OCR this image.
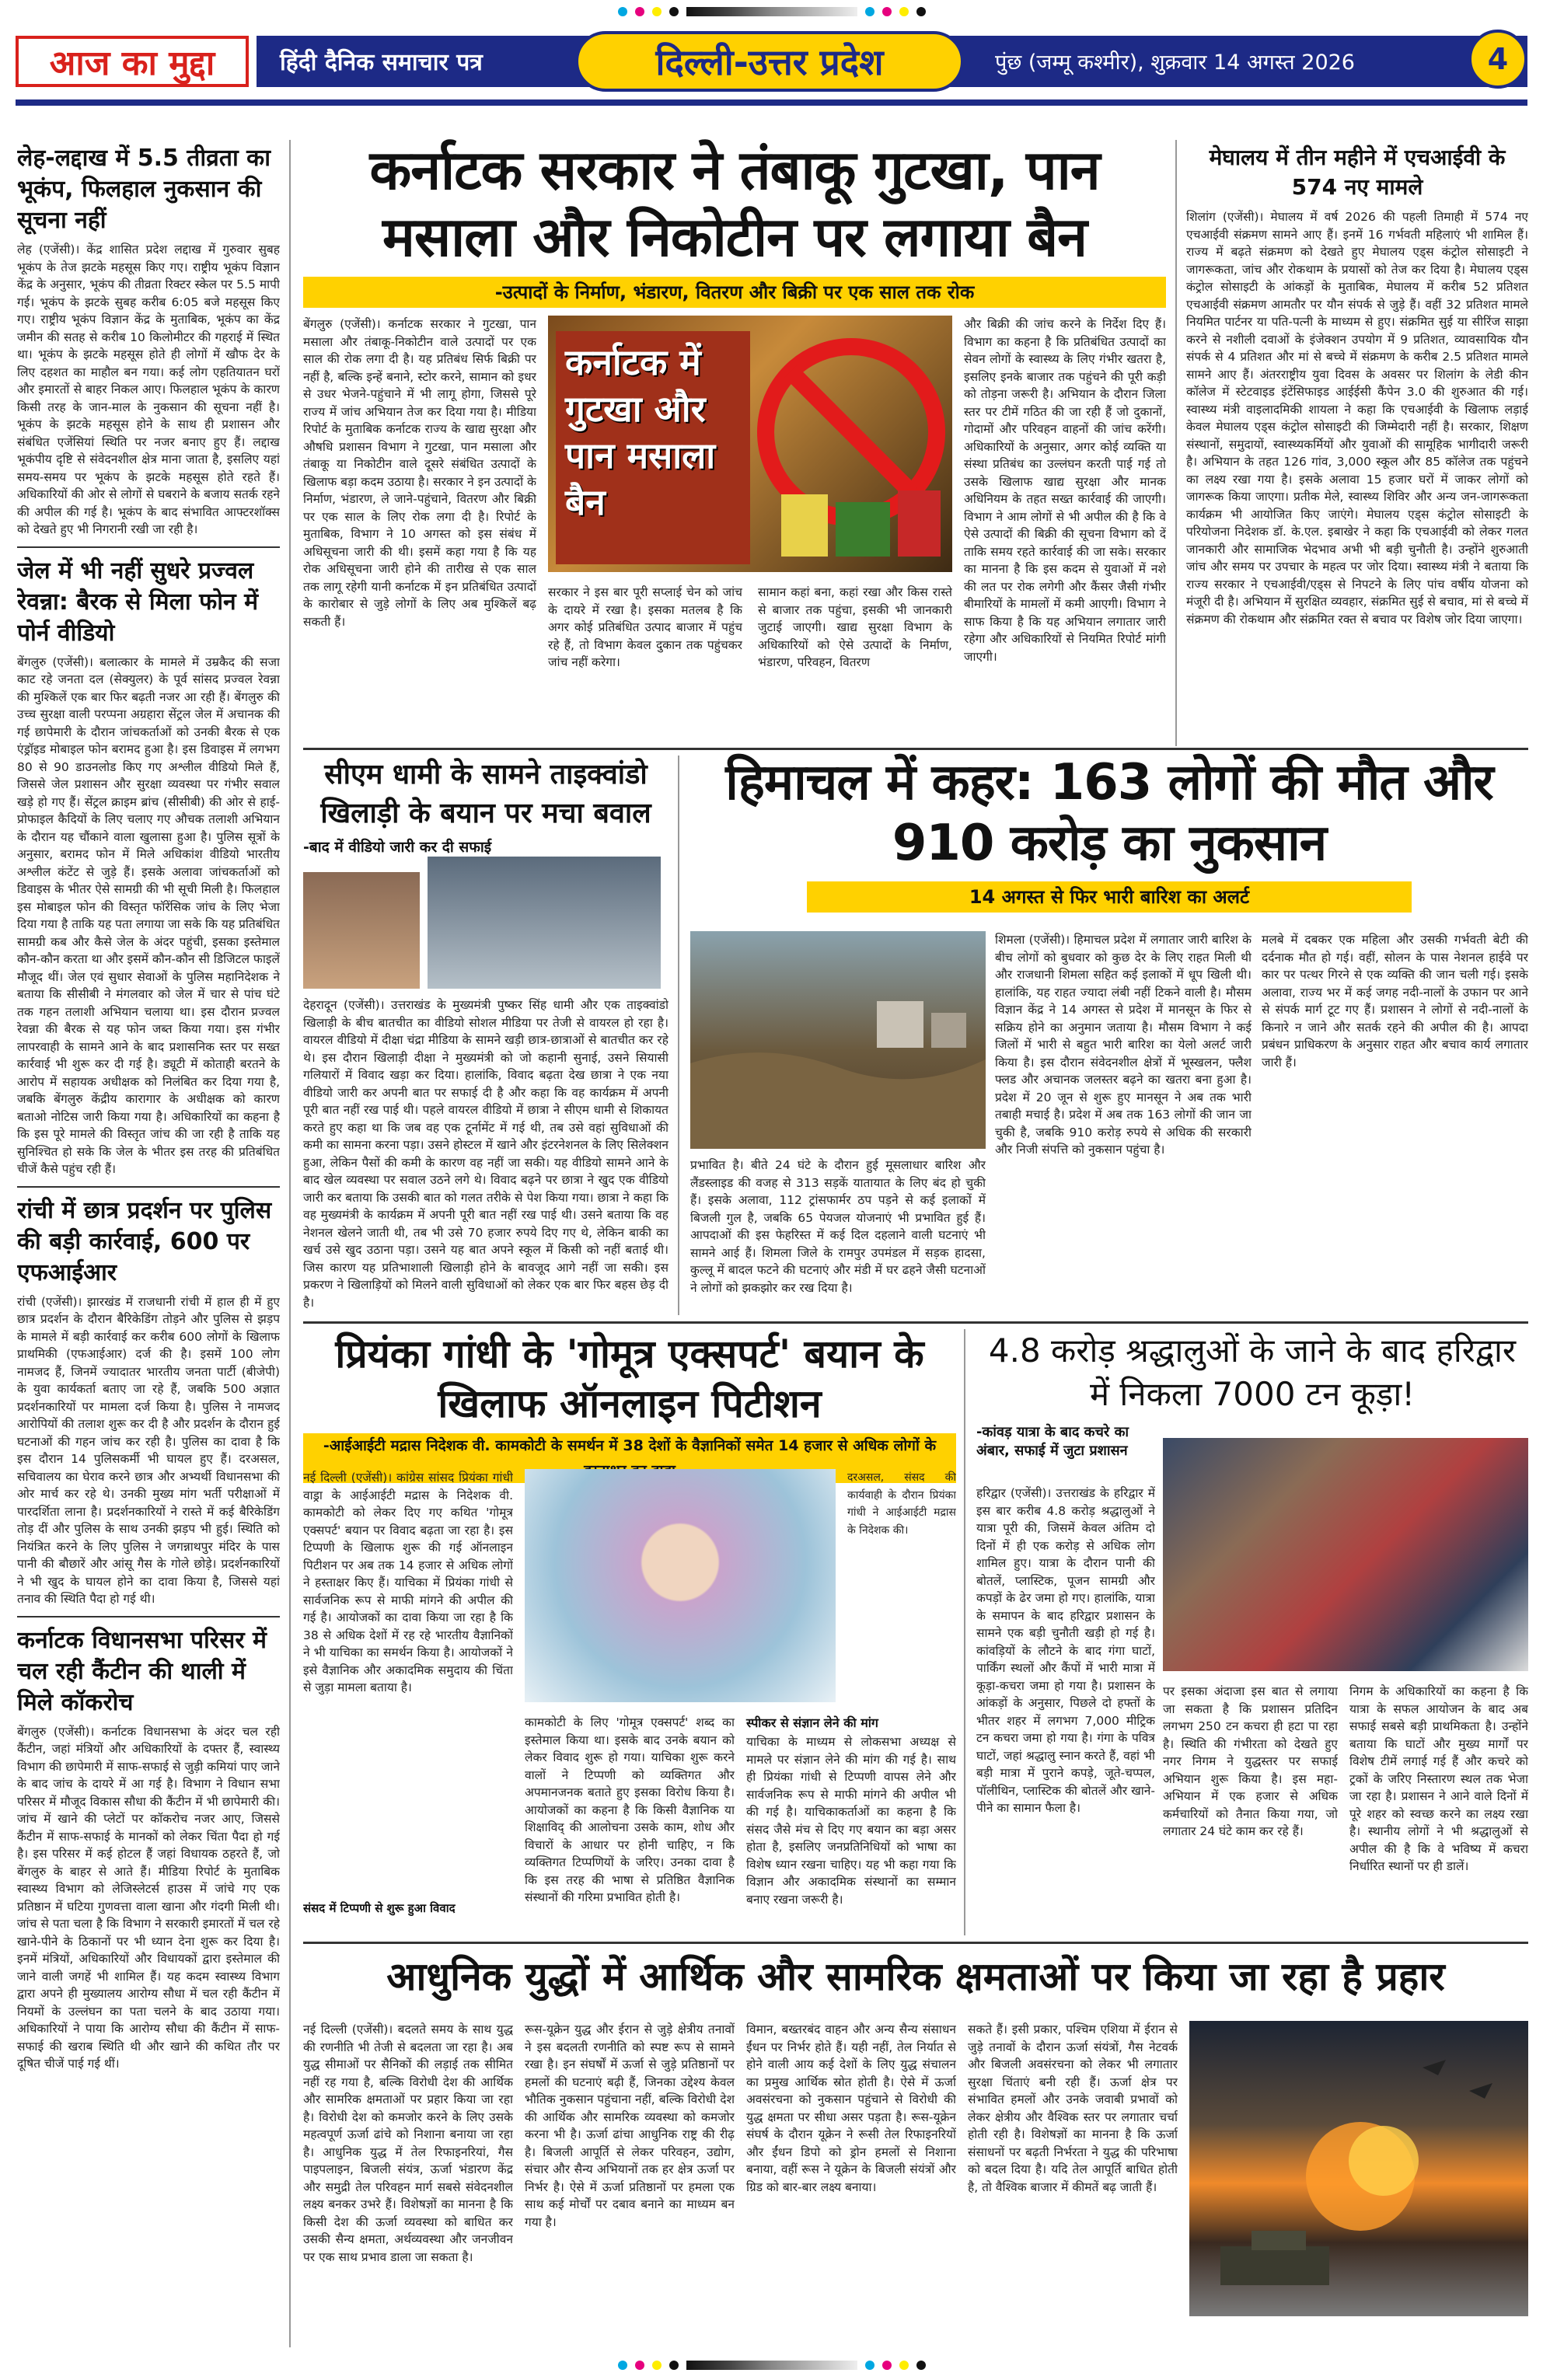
आज का मुद्दा	हिंदी दैनिक समाचार पत्र	दिल्ली-उत्तर प्रदेश	पुंछ (जम्मू कश्मीर), शुक्रवार 14 अगस्त 2026	4
लेह-लद्दाख में 5.5 तीव्रता का भूकंप, फिलहाल नुकसान की सूचना नहीं
लेह (एजेंसी)। केंद्र शासित प्रदेश लद्दाख में गुरुवार सुबह भूकंप के तेज झटके महसूस किए गए। राष्ट्रीय भूकंप विज्ञान केंद्र के अनुसार, भूकंप की तीव्रता रिक्टर स्केल पर 5.5 मापी गई। भूकंप के झटके सुबह करीब 6:05 बजे महसूस किए गए। राष्ट्रीय भूकंप विज्ञान केंद्र के मुताबिक, भूकंप का केंद्र जमीन की सतह से करीब 10 किलोमीटर की गहराई में स्थित था। भूकंप के झटके महसूस होते ही लोगों में खौफ देर के लिए दहशत का माहौल बन गया। कई लोग एहतियातन घरों और इमारतों से बाहर निकल आए। फिलहाल भूकंप के कारण किसी तरह के जान-माल के नुकसान की सूचना नहीं है। भूकंप के झटके महसूस होने के साथ ही प्रशासन और संबंधित एजेंसियां स्थिति पर नजर बनाए हुए हैं। लद्दाख भूकंपीय दृष्टि से संवेदनशील क्षेत्र माना जाता है, इसलिए यहां समय-समय पर भूकंप के झटके महसूस होते रहते हैं। अधिकारियों की ओर से लोगों से घबराने के बजाय सतर्क रहने की अपील की गई है। भूकंप के बाद संभावित आफ्टरशॉक्स को देखते हुए भी निगरानी रखी जा रही है।
जेल में भी नहीं सुधरे प्रज्वल रेवन्ना: बैरक से मिला फोन में पोर्न वीडियो
बेंगलुरु (एजेंसी)। बलात्कार के मामले में उम्रकैद की सजा काट रहे जनता दल (सेक्युलर) के पूर्व सांसद प्रज्वल रेवन्ना की मुश्किलें एक बार फिर बढ़ती नजर आ रही हैं। बेंगलुरु की उच्च सुरक्षा वाली परप्पना अग्रहारा सेंट्रल जेल में अचानक की गई छापेमारी के दौरान जांचकर्ताओं को उनकी बैरक से एक एंड्रॉइड मोबाइल फोन बरामद हुआ है। इस डिवाइस में लगभग 80 से 90 डाउनलोड किए गए अश्लील वीडियो मिले हैं, जिससे जेल प्रशासन और सुरक्षा व्यवस्था पर गंभीर सवाल खड़े हो गए हैं। सेंट्रल क्राइम ब्रांच (सीसीबी) की ओर से हाई-प्रोफाइल कैदियों के लिए चलाए गए औचक तलाशी अभियान के दौरान यह चौंकाने वाला खुलासा हुआ है। पुलिस सूत्रों के अनुसार, बरामद फोन में मिले अधिकांश वीडियो भारतीय अश्लील कंटेंट से जुड़े हैं। इसके अलावा जांचकर्ताओं को डिवाइस के भीतर ऐसे सामग्री की भी सूची मिली है। फिलहाल इस मोबाइल फोन की विस्तृत फॉरेंसिक जांच के लिए भेजा दिया गया है ताकि यह पता लगाया जा सके कि यह प्रतिबंधित सामग्री कब और कैसे जेल के अंदर पहुंची, इसका इस्तेमाल कौन-कौन करता था और इसमें कौन-कौन सी डिजिटल फाइलें मौजूद थीं। जेल एवं सुधार सेवाओं के पुलिस महानिदेशक ने बताया कि सीसीबी ने मंगलवार को जेल में चार से पांच घंटे तक गहन तलाशी अभियान चलाया था। इस दौरान प्रज्वल रेवन्ना की बैरक से यह फोन जब्त किया गया। इस गंभीर लापरवाही के सामने आने के बाद प्रशासनिक स्तर पर सख्त कार्रवाई भी शुरू कर दी गई है। ड्यूटी में कोताही बरतने के आरोप में सहायक अधीक्षक को निलंबित कर दिया गया है, जबकि बेंगलुरु केंद्रीय कारागार के अधीक्षक को कारण बताओ नोटिस जारी किया गया है। अधिकारियों का कहना है कि इस पूरे मामले की विस्तृत जांच की जा रही है ताकि यह सुनिश्चित हो सके कि जेल के भीतर इस तरह की प्रतिबंधित चीजें कैसे पहुंच रही हैं।
रांची में छात्र प्रदर्शन पर पुलिस की बड़ी कार्रवाई, 600 पर एफआईआर
रांची (एजेंसी)। झारखंड में राजधानी रांची में हाल ही में हुए छात्र प्रदर्शन के दौरान बैरिकेडिंग तोड़ने और पुलिस से झड़प के मामले में बड़ी कार्रवाई कर करीब 600 लोगों के खिलाफ प्राथमिकी (एफआईआर) दर्ज की है। इसमें 100 लोग नामजद हैं, जिनमें ज्यादातर भारतीय जनता पार्टी (बीजेपी) के युवा कार्यकर्ता बताए जा रहे हैं, जबकि 500 अज्ञात प्रदर्शनकारियों पर मामला दर्ज किया है। पुलिस ने नामजद आरोपियों की तलाश शुरू कर दी है और प्रदर्शन के दौरान हुई घटनाओं की गहन जांच कर रही है। पुलिस का दावा है कि इस दौरान 14 पुलिसकर्मी भी घायल हुए हैं। दरअसल, सचिवालय का घेराव करने छात्र और अभ्यर्थी विधानसभा की ओर मार्च कर रहे थे। उनकी मुख्य मांग भर्ती परीक्षाओं में पारदर्शिता लाना है। प्रदर्शनकारियों ने रास्ते में कई बैरिकेडिंग तोड़ दीं और पुलिस के साथ उनकी झड़प भी हुई। स्थिति को नियंत्रित करने के लिए पुलिस ने जगन्नाथपुर मंदिर के पास पानी की बौछारें और आंसू गैस के गोले छोड़े। प्रदर्शनकारियों ने भी खुद के घायल होने का दावा किया है, जिससे यहां तनाव की स्थिति पैदा हो गई थी।
कर्नाटक विधानसभा परिसर में चल रही कैंटीन की थाली में मिले कॉकरोच
बेंगलुरु (एजेंसी)। कर्नाटक विधानसभा के अंदर चल रही कैंटीन, जहां मंत्रियों और अधिकारियों के दफ्तर हैं, स्वास्थ्य विभाग की छापेमारी में साफ-सफाई से जुड़ी कमियां पाए जाने के बाद जांच के दायरे में आ गई है। विभाग ने विधान सभा परिसर में मौजूद विकास सौधा की कैंटीन में भी छापेमारी की। जांच में खाने की प्लेटों पर कॉकरोच नजर आए, जिससे कैंटीन में साफ-सफाई के मानकों को लेकर चिंता पैदा हो गई है। इस परिसर में कई होटल हैं जहां विधायक ठहरते हैं, जो बेंगलुरु के बाहर से आते हैं। मीडिया रिपोर्ट के मुताबिक स्वास्थ्य विभाग को लेजिस्लेटर्स हाउस में जांचे गए एक प्रतिष्ठान में घटिया गुणवत्ता वाला खाना और गंदगी मिली थी। जांच से पता चला है कि विभाग ने सरकारी इमारतों में चल रहे खाने-पीने के ठिकानों पर भी ध्यान देना शुरू कर दिया है। इनमें मंत्रियों, अधिकारियों और विधायकों द्वारा इस्तेमाल की जाने वाली जगहें भी शामिल हैं। यह कदम स्वास्थ्य विभाग द्वारा अपने ही मुख्यालय आरोग्य सौधा में चल रही कैंटीन में नियमों के उल्लंघन का पता चलने के बाद उठाया गया। अधिकारियों ने पाया कि आरोग्य सौधा की कैंटीन में साफ-सफाई की खराब स्थिति थी और खाने की कथित तौर पर दूषित चीजें पाई गई थीं।
कर्नाटक सरकार ने तंबाकू गुटखा, पान मसाला और निकोटीन पर लगाया बैन
-उत्पादों के निर्माण, भंडारण, वितरण और बिक्री पर एक साल तक रोक
बेंगलुरु (एजेंसी)। कर्नाटक सरकार ने गुटखा, पान मसाला और तंबाकू-निकोटीन वाले उत्पादों पर एक साल की रोक लगा दी है। यह प्रतिबंध सिर्फ बिक्री पर नहीं है, बल्कि इन्हें बनाने, स्टोर करने, सामान को इधर से उधर भेजने-पहुंचाने में भी लागू होगा, जिससे पूरे राज्य में जांच अभियान तेज कर दिया गया है। मीडिया रिपोर्ट के मुताबिक कर्नाटक राज्य के खाद्य सुरक्षा और औषधि प्रशासन विभाग ने गुटखा, पान मसाला और तंबाकू या निकोटीन वाले दूसरे संबंधित उत्पादों के खिलाफ बड़ा कदम उठाया है। सरकार ने इन उत्पादों के निर्माण, भंडारण, ले जाने-पहुंचाने, वितरण और बिक्री पर एक साल के लिए रोक लगा दी है। रिपोर्ट के मुताबिक, विभाग ने 10 अगस्त को इस संबंध में अधिसूचना जारी की थी। इसमें कहा गया है कि यह रोक अधिसूचना जारी होने की तारीख से एक साल तक लागू रहेगी यानी कर्नाटक में इन प्रतिबंधित उत्पादों के कारोबार से जुड़े लोगों के लिए अब मुश्किलें बढ़ सकती हैं।
कर्नाटक में गुटखा और पान मसाला बैन
सरकार ने इस बार पूरी सप्लाई चेन को जांच के दायरे में रखा है। इसका मतलब है कि अगर कोई प्रतिबंधित उत्पाद बाजार में पहुंच रहे हैं, तो विभाग केवल दुकान तक पहुंचकर जांच नहीं करेगा।
सामान कहां बना, कहां रखा और किस रास्ते से बाजार तक पहुंचा, इसकी भी जानकारी जुटाई जाएगी। खाद्य सुरक्षा विभाग के अधिकारियों को ऐसे उत्पादों के निर्माण, भंडारण, परिवहन, वितरण
और बिक्री की जांच करने के निर्देश दिए हैं। विभाग का कहना है कि प्रतिबंधित उत्पादों का सेवन लोगों के स्वास्थ्य के लिए गंभीर खतरा है, इसलिए इनके बाजार तक पहुंचने की पूरी कड़ी को तोड़ना जरूरी है। अभियान के दौरान जिला स्तर पर टीमें गठित की जा रही हैं जो दुकानों, गोदामों और परिवहन वाहनों की जांच करेंगी। अधिकारियों के अनुसार, अगर कोई व्यक्ति या संस्था प्रतिबंध का उल्लंघन करती पाई गई तो उसके खिलाफ खाद्य सुरक्षा और मानक अधिनियम के तहत सख्त कार्रवाई की जाएगी। विभाग ने आम लोगों से भी अपील की है कि वे ऐसे उत्पादों की बिक्री की सूचना विभाग को दें ताकि समय रहते कार्रवाई की जा सके। सरकार का मानना है कि इस कदम से युवाओं में नशे की लत पर रोक लगेगी और कैंसर जैसी गंभीर बीमारियों के मामलों में कमी आएगी। विभाग ने साफ किया है कि यह अभियान लगातार जारी रहेगा और अधिकारियों से नियमित रिपोर्ट मांगी जाएगी।
मेघालय में तीन महीने में एचआईवी के 574 नए मामले
शिलांग (एजेंसी)। मेघालय में वर्ष 2026 की पहली तिमाही में 574 नए एचआईवी संक्रमण सामने आए हैं। इनमें 16 गर्भवती महिलाएं भी शामिल हैं। राज्य में बढ़ते संक्रमण को देखते हुए मेघालय एड्स कंट्रोल सोसाइटी ने जागरूकता, जांच और रोकथाम के प्रयासों को तेज कर दिया है। मेघालय एड्स कंट्रोल सोसाइटी के आंकड़ों के मुताबिक, मेघालय में करीब 52 प्रतिशत एचआईवी संक्रमण आमतौर पर यौन संपर्क से जुड़े हैं। वहीं 32 प्रतिशत मामले नियमित पार्टनर या पति-पत्नी के माध्यम से हुए। संक्रमित सुई या सीरिंज साझा करने से नशीली दवाओं के इंजेक्शन उपयोग में 9 प्रतिशत, व्यावसायिक यौन संपर्क से 4 प्रतिशत और मां से बच्चे में संक्रमण के करीब 2.5 प्रतिशत मामले सामने आए हैं। अंतरराष्ट्रीय युवा दिवस के अवसर पर शिलांग के लेडी कीन कॉलेज में स्टेटवाइड इंटेंसिफाइड आईईसी कैंपेन 3.0 की शुरुआत की गई। स्वास्थ्य मंत्री वाइलादमिकी शायला ने कहा कि एचआईवी के खिलाफ लड़ाई केवल मेघालय एड्स कंट्रोल सोसाइटी की जिम्मेदारी नहीं है। सरकार, शिक्षण संस्थानों, समुदायों, स्वास्थ्यकर्मियों और युवाओं की सामूहिक भागीदारी जरूरी है। अभियान के तहत 126 गांव, 3,000 स्कूल और 85 कॉलेज तक पहुंचने का लक्ष्य रखा गया है। इसके अलावा 15 हजार घरों में जाकर लोगों को जागरूक किया जाएगा। प्रतीक मेले, स्वास्थ्य शिविर और अन्य जन-जागरूकता कार्यक्रम भी आयोजित किए जाएंगे। मेघालय एड्स कंट्रोल सोसाइटी के परियोजना निदेशक डॉ. के.एल. इबाखेर ने कहा कि एचआईवी को लेकर गलत जानकारी और सामाजिक भेदभाव अभी भी बड़ी चुनौती है। उन्होंने शुरुआती जांच और समय पर उपचार के महत्व पर जोर दिया। स्वास्थ्य मंत्री ने बताया कि राज्य सरकार ने एचआईवी/एड्स से निपटने के लिए पांच वर्षीय योजना को मंजूरी दी है। अभियान में सुरक्षित व्यवहार, संक्रमित सुई से बचाव, मां से बच्चे में संक्रमण की रोकथाम और संक्रमित रक्त से बचाव पर विशेष जोर दिया जाएगा।
सीएम धामी के सामने ताइक्वांडो खिलाड़ी के बयान पर मचा बवाल
-बाद में वीडियो जारी कर दी सफाई
देहरादून (एजेंसी)। उत्तराखंड के मुख्यमंत्री पुष्कर सिंह धामी और एक ताइक्वांडो खिलाड़ी के बीच बातचीत का वीडियो सोशल मीडिया पर तेजी से वायरल हो रहा है। वायरल वीडियो में दीक्षा चंद्रा मीडिया के सामने खड़ी छात्र-छात्राओं से बातचीत कर रहे थे। इस दौरान खिलाड़ी दीक्षा ने मुख्यमंत्री को जो कहानी सुनाई, उसने सियासी गलियारों में विवाद खड़ा कर दिया। हालांकि, विवाद बढ़ता देख छात्रा ने एक नया वीडियो जारी कर अपनी बात पर सफाई दी है और कहा कि वह कार्यक्रम में अपनी पूरी बात नहीं रख पाई थी। पहले वायरल वीडियो में छात्रा ने सीएम धामी से शिकायत करते हुए कहा था कि जब वह एक टूर्नामेंट में गई थी, तब उसे वहां सुविधाओं की कमी का सामना करना पड़ा। उसने होस्टल में खाने और इंटरनेशनल के लिए सिलेक्शन हुआ, लेकिन पैसों की कमी के कारण वह नहीं जा सकी। यह वीडियो सामने आने के बाद खेल व्यवस्था पर सवाल उठने लगे थे। विवाद बढ़ने पर छात्रा ने खुद एक वीडियो जारी कर बताया कि उसकी बात को गलत तरीके से पेश किया गया। छात्रा ने कहा कि वह मुख्यमंत्री के कार्यक्रम में अपनी पूरी बात नहीं रख पाई थी। उसने बताया कि वह नेशनल खेलने जाती थी, तब भी उसे 70 हजार रुपये दिए गए थे, लेकिन बाकी का खर्च उसे खुद उठाना पड़ा। उसने यह बात अपने स्कूल में किसी को नहीं बताई थी। जिस कारण यह प्रतिभाशाली खिलाड़ी होने के बावजूद आगे नहीं जा सकी। इस प्रकरण ने खिलाड़ियों को मिलने वाली सुविधाओं को लेकर एक बार फिर बहस छेड़ दी है।
हिमाचल में कहर: 163 लोगों की मौत और 910 करोड़ का नुकसान
14 अगस्त से फिर भारी बारिश का अलर्ट
शिमला (एजेंसी)। हिमाचल प्रदेश में लगातार जारी बारिश के बीच लोगों को बुधवार को कुछ देर के लिए राहत मिली थी और राजधानी शिमला सहित कई इलाकों में धूप खिली थी। हालांकि, यह राहत ज्यादा लंबी नहीं टिकने वाली है। मौसम विज्ञान केंद्र ने 14 अगस्त से प्रदेश में मानसून के फिर से सक्रिय होने का अनुमान जताया है। मौसम विभाग ने कई जिलों में भारी से बहुत भारी बारिश का येलो अलर्ट जारी किया है। इस दौरान संवेदनशील क्षेत्रों में भूस्खलन, फ्लैश फ्लड और अचानक जलस्तर बढ़ने का खतरा बना हुआ है। प्रदेश में 20 जून से शुरू हुए मानसून ने अब तक भारी तबाही मचाई है। प्रदेश में अब तक 163 लोगों की जान जा चुकी है, जबकि 910 करोड़ रुपये से अधिक की सरकारी और निजी संपत्ति को नुकसान पहुंचा है।
प्रभावित है। बीते 24 घंटे के दौरान हुई मूसलाधार बारिश और लैंडस्लाइड की वजह से 313 सड़कें यातायात के लिए बंद हो चुकी हैं। इसके अलावा, 112 ट्रांसफार्मर ठप पड़ने से कई इलाकों में बिजली गुल है, जबकि 65 पेयजल योजनाएं भी प्रभावित हुई हैं। आपदाओं की इस फेहरिस्त में कई दिल दहलाने वाली घटनाएं भी सामने आई हैं। शिमला जिले के रामपुर उपमंडल में सड़क हादसा, कुल्लू में बादल फटने की घटनाएं और मंडी में घर ढहने जैसी घटनाओं ने लोगों को झकझोर कर रख दिया है।
मलबे में दबकर एक महिला और उसकी गर्भवती बेटी की दर्दनाक मौत हो गई। वहीं, सोलन के पास नेशनल हाईवे पर कार पर पत्थर गिरने से एक व्यक्ति की जान चली गई। इसके अलावा, राज्य भर में कई जगह नदी-नालों के उफान पर आने से संपर्क मार्ग टूट गए हैं। प्रशासन ने लोगों से नदी-नालों के किनारे न जाने और सतर्क रहने की अपील की है। आपदा प्रबंधन प्राधिकरण के अनुसार राहत और बचाव कार्य लगातार जारी हैं।
प्रियंका गांधी के 'गोमूत्र एक्सपर्ट' बयान के खिलाफ ऑनलाइन पिटीशन
-आईआईटी मद्रास निदेशक वी. कामकोटी के समर्थन में 38 देशों के वैज्ञानिकों समेत 14 हजार से अधिक लोगों के
नई दिल्ली (एजेंसी)। कांग्रेस सांसद प्रियंका गांधी वाड्रा के आईआईटी मद्रास के निदेशक वी. कामकोटी को लेकर दिए गए कथित 'गोमूत्र एक्सपर्ट' बयान पर विवाद बढ़ता जा रहा है। इस टिप्पणी के खिलाफ शुरू की गई ऑनलाइन पिटीशन पर अब तक 14 हजार से अधिक लोगों ने हस्ताक्षर किए हैं। याचिका में प्रियंका गांधी से सार्वजनिक रूप से माफी मांगने की अपील की गई है। आयोजकों का दावा किया जा रहा है कि 38 से अधिक देशों में रह रहे भारतीय वैज्ञानिकों ने भी याचिका का समर्थन किया है। आयोजकों ने इसे वैज्ञानिक और अकादमिक समुदाय की चिंता से जुड़ा मामला बताया है।
कामकोटी के लिए 'गोमूत्र एक्सपर्ट' शब्द का इस्तेमाल किया था। इसके बाद उनके बयान को लेकर विवाद शुरू हो गया। याचिका शुरू करने वालों ने टिप्पणी को व्यक्तिगत और अपमानजनक बताते हुए इसका विरोध किया है। आयोजकों का कहना है कि किसी वैज्ञानिक या शिक्षाविद् की आलोचना उसके काम, शोध और विचारों के आधार पर होनी चाहिए, न कि व्यक्तिगत टिप्पणियों के जरिए। उनका दावा है कि इस तरह की भाषा से प्रतिष्ठित वैज्ञानिक संस्थानों की गरिमा प्रभावित होती है।
स्पीकर से संज्ञान लेने की मांग
याचिका के माध्यम से लोकसभा अध्यक्ष से मामले पर संज्ञान लेने की मांग की गई है। साथ ही प्रियंका गांधी से टिप्पणी वापस लेने और सार्वजनिक रूप से माफी मांगने की अपील भी की गई है। याचिकाकर्ताओं का कहना है कि संसद जैसे मंच से दिए गए बयान का बड़ा असर होता है, इसलिए जनप्रतिनिधियों को भाषा का विशेष ध्यान रखना चाहिए। यह भी कहा गया कि विज्ञान और अकादमिक संस्थानों का सम्मान बनाए रखना जरूरी है।
दरअसल, संसद की कार्यवाही के दौरान प्रियंका गांधी ने आईआईटी मद्रास के निदेशक की।
संसद में टिप्पणी से शुरू हुआ विवाद
4.8 करोड़ श्रद्धालुओं के जाने के बाद हरिद्वार में निकला 7000 टन कूड़ा!
-कांवड़ यात्रा के बाद कचरे का अंबार, सफाई में जुटा प्रशासन
हरिद्वार (एजेंसी)। उत्तराखंड के हरिद्वार में इस बार करीब 4.8 करोड़ श्रद्धालुओं ने यात्रा पूरी की, जिसमें केवल अंतिम दो दिनों में ही एक करोड़ से अधिक लोग शामिल हुए। यात्रा के दौरान पानी की बोतलें, प्लास्टिक, पूजन सामग्री और कपड़ों के ढेर जमा हो गए। हालांकि, यात्रा के समापन के बाद हरिद्वार प्रशासन के सामने एक बड़ी चुनौती खड़ी हो गई है। कांवड़ियों के लौटने के बाद गंगा घाटों, पार्किंग स्थलों और कैंपों में भारी मात्रा में कूड़ा-कचरा जमा हो गया है। प्रशासन के आंकड़ों के अनुसार, पिछले दो हफ्तों के भीतर शहर में लगभग 7,000 मीट्रिक टन कचरा जमा हो गया है। गंगा के पवित्र घाटों, जहां श्रद्धालु स्नान करते हैं, वहां भी बड़ी मात्रा में पुराने कपड़े, जूते-चप्पल, पॉलीथिन, प्लास्टिक की बोतलें और खाने-पीने का सामान फैला है।
पर इसका अंदाजा इस बात से लगाया जा सकता है कि प्रशासन प्रतिदिन लगभग 250 टन कचरा ही हटा पा रहा है। स्थिति की गंभीरता को देखते हुए नगर निगम ने युद्धस्तर पर सफाई अभियान शुरू किया है। इस महा-अभियान में एक हजार से अधिक कर्मचारियों को तैनात किया गया, जो लगातार 24 घंटे काम कर रहे हैं।
निगम के अधिकारियों का कहना है कि यात्रा के सफल आयोजन के बाद अब सफाई सबसे बड़ी प्राथमिकता है। उन्होंने बताया कि घाटों और मुख्य मार्गों पर विशेष टीमें लगाई गई हैं और कचरे को ट्रकों के जरिए निस्तारण स्थल तक भेजा जा रहा है। प्रशासन ने आने वाले दिनों में पूरे शहर को स्वच्छ करने का लक्ष्य रखा है। स्थानीय लोगों ने भी श्रद्धालुओं से अपील की है कि वे भविष्य में कचरा निर्धारित स्थानों पर ही डालें।
आधुनिक युद्धों में आर्थिक और सामरिक क्षमताओं पर किया जा रहा है प्रहार
नई दिल्ली (एजेंसी)। बदलते समय के साथ युद्ध की रणनीति भी तेजी से बदलता जा रहा है। अब युद्ध सीमाओं पर सैनिकों की लड़ाई तक सीमित नहीं रह गया है, बल्कि विरोधी देश की आर्थिक और सामरिक क्षमताओं पर प्रहार किया जा रहा है। विरोधी देश को कमजोर करने के लिए उसके महत्वपूर्ण ऊर्जा ढांचे को निशाना बनाया जा रहा है। आधुनिक युद्ध में तेल रिफाइनरियां, गैस पाइपलाइन, बिजली संयंत्र, ऊर्जा भंडारण केंद्र और समुद्री तेल परिवहन मार्ग सबसे संवेदनशील लक्ष्य बनकर उभरे हैं। विशेषज्ञों का मानना है कि किसी देश की ऊर्जा व्यवस्था को बाधित कर उसकी सैन्य क्षमता, अर्थव्यवस्था और जनजीवन पर एक साथ प्रभाव डाला जा सकता है।
रूस-यूक्रेन युद्ध और ईरान से जुड़े क्षेत्रीय तनावों ने इस बदलती रणनीति को स्पष्ट रूप से सामने रखा है। इन संघर्षों में ऊर्जा से जुड़े प्रतिष्ठानों पर हमलों की घटनाएं बढ़ी हैं, जिनका उद्देश्य केवल भौतिक नुकसान पहुंचाना नहीं, बल्कि विरोधी देश की आर्थिक और सामरिक व्यवस्था को कमजोर करना भी है। ऊर्जा ढांचा आधुनिक राष्ट्र की रीढ़ है। बिजली आपूर्ति से लेकर परिवहन, उद्योग, संचार और सैन्य अभियानों तक हर क्षेत्र ऊर्जा पर निर्भर है। ऐसे में ऊर्जा प्रतिष्ठानों पर हमला एक साथ कई मोर्चों पर दबाव बनाने का माध्यम बन गया है।
विमान, बख्तरबंद वाहन और अन्य सैन्य संसाधन ईंधन पर निर्भर होते हैं। यही नहीं, तेल निर्यात से होने वाली आय कई देशों के लिए युद्ध संचालन का प्रमुख आर्थिक स्रोत होती है। ऐसे में ऊर्जा अवसंरचना को नुकसान पहुंचाने से विरोधी की युद्ध क्षमता पर सीधा असर पड़ता है। रूस-यूक्रेन संघर्ष के दौरान यूक्रेन ने रूसी तेल रिफाइनरियों और ईंधन डिपो को ड्रोन हमलों से निशाना बनाया, वहीं रूस ने यूक्रेन के बिजली संयंत्रों और ग्रिड को बार-बार लक्ष्य बनाया।
सकते हैं। इसी प्रकार, पश्चिम एशिया में ईरान से जुड़े तनावों के दौरान ऊर्जा संयंत्रों, गैस नेटवर्क और बिजली अवसंरचना को लेकर भी लगातार सुरक्षा चिंताएं बनी रही हैं। ऊर्जा क्षेत्र पर संभावित हमलों और उनके जवाबी प्रभावों को लेकर क्षेत्रीय और वैश्विक स्तर पर लगातार चर्चा होती रही है। विशेषज्ञों का मानना है कि ऊर्जा संसाधनों पर बढ़ती निर्भरता ने युद्ध की परिभाषा को बदल दिया है। यदि तेल आपूर्ति बाधित होती है, तो वैश्विक बाजार में कीमतें बढ़ जाती हैं।
